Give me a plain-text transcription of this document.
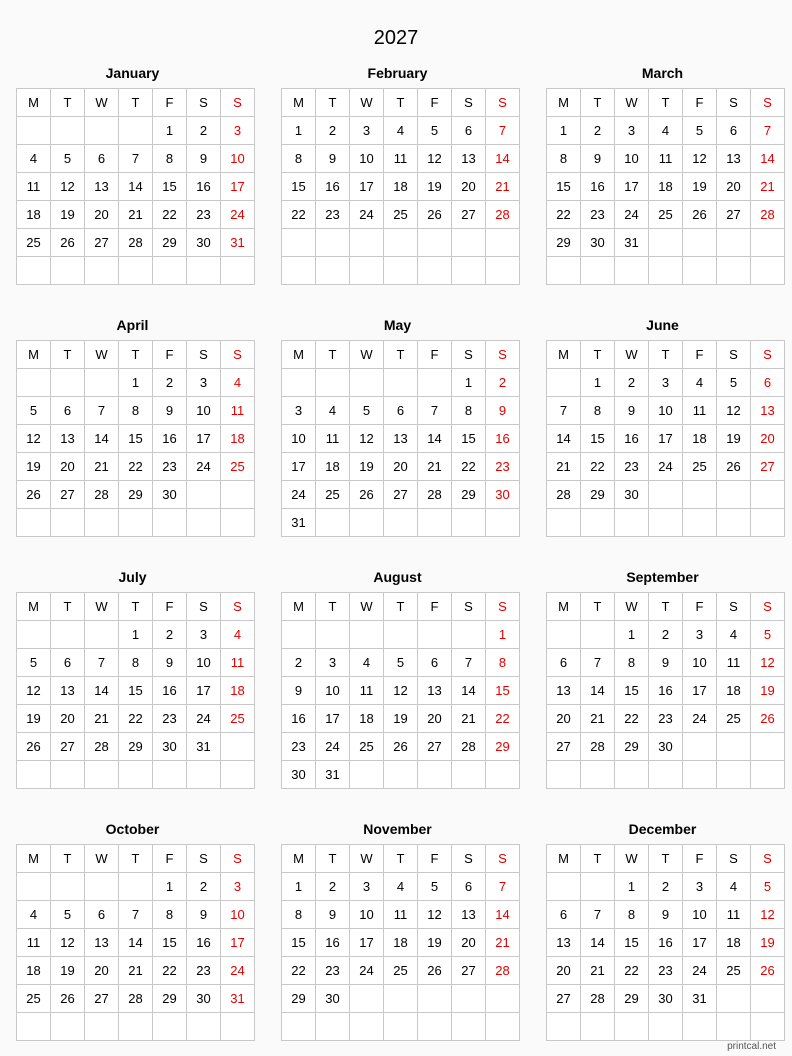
2027
January
M	T	W	T	F	S	S
				1	2	3
4	5	6	7	8	9	10
11	12	13	14	15	16	17
18	19	20	21	22	23	24
25	26	27	28	29	30	31

February
M	T	W	T	F	S	S
1	2	3	4	5	6	7
8	9	10	11	12	13	14
15	16	17	18	19	20	21
22	23	24	25	26	27	28

March
M	T	W	T	F	S	S
1	2	3	4	5	6	7
8	9	10	11	12	13	14
15	16	17	18	19	20	21
22	23	24	25	26	27	28
29	30	31				

April
M	T	W	T	F	S	S
			1	2	3	4
5	6	7	8	9	10	11
12	13	14	15	16	17	18
19	20	21	22	23	24	25
26	27	28	29	30		

May
M	T	W	T	F	S	S
					1	2
3	4	5	6	7	8	9
10	11	12	13	14	15	16
17	18	19	20	21	22	23
24	25	26	27	28	29	30
31						
June
M	T	W	T	F	S	S
	1	2	3	4	5	6
7	8	9	10	11	12	13
14	15	16	17	18	19	20
21	22	23	24	25	26	27
28	29	30				

July
M	T	W	T	F	S	S
			1	2	3	4
5	6	7	8	9	10	11
12	13	14	15	16	17	18
19	20	21	22	23	24	25
26	27	28	29	30	31	

August
M	T	W	T	F	S	S
						1
2	3	4	5	6	7	8
9	10	11	12	13	14	15
16	17	18	19	20	21	22
23	24	25	26	27	28	29
30	31					
September
M	T	W	T	F	S	S
		1	2	3	4	5
6	7	8	9	10	11	12
13	14	15	16	17	18	19
20	21	22	23	24	25	26
27	28	29	30			

October
M	T	W	T	F	S	S
				1	2	3
4	5	6	7	8	9	10
11	12	13	14	15	16	17
18	19	20	21	22	23	24
25	26	27	28	29	30	31

November
M	T	W	T	F	S	S
1	2	3	4	5	6	7
8	9	10	11	12	13	14
15	16	17	18	19	20	21
22	23	24	25	26	27	28
29	30					

December
M	T	W	T	F	S	S
		1	2	3	4	5
6	7	8	9	10	11	12
13	14	15	16	17	18	19
20	21	22	23	24	25	26
27	28	29	30	31		

printcal.net
